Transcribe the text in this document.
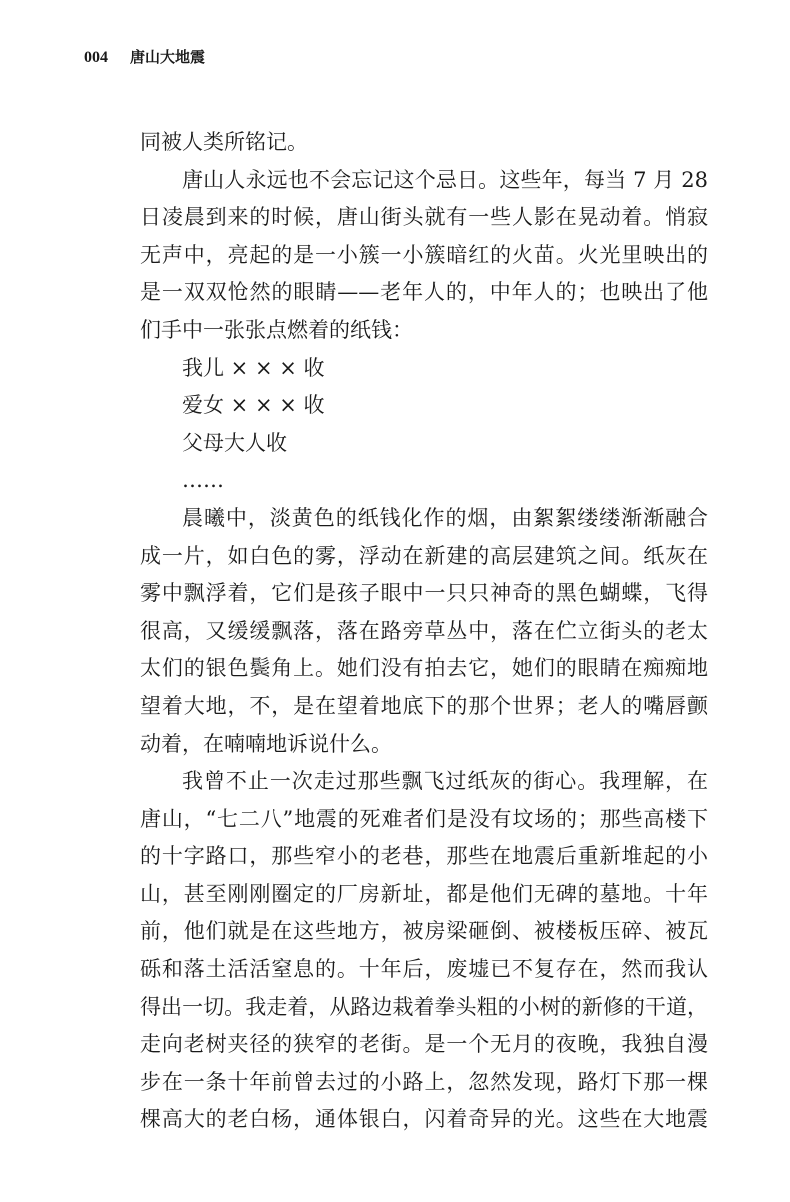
004 唐山大地震
同被人类所铭记。
唐山人永远也不会忘记这个忌日。这些年，每当 7 月 28
日凌晨到来的时候，唐山街头就有一些人影在晃动着。悄寂
无声中，亮起的是一小簇一小簇暗红的火苗。火光里映出的
是一双双怆然的眼睛——老年人的，中年人的；也映出了他
们手中一张张点燃着的纸钱：
我儿 × × × 收
爱女 × × × 收
父母大人收
……
晨曦中，淡黄色的纸钱化作的烟，由絮絮缕缕渐渐融合
成一片，如白色的雾，浮动在新建的高层建筑之间。纸灰在
雾中飘浮着，它们是孩子眼中一只只神奇的黑色蝴蝶，飞得
很高，又缓缓飘落，落在路旁草丛中，落在伫立街头的老太
太们的银色鬓角上。她们没有拍去它，她们的眼睛在痴痴地
望着大地，不，是在望着地底下的那个世界；老人的嘴唇颤
动着，在喃喃地诉说什么。
我曾不止一次走过那些飘飞过纸灰的街心。我理解，在
唐山，“七二八”地震的死难者们是没有坟场的；那些高楼下
的十字路口，那些窄小的老巷，那些在地震后重新堆起的小
山，甚至刚刚圈定的厂房新址，都是他们无碑的墓地。十年
前，他们就是在这些地方，被房梁砸倒、被楼板压碎、被瓦
砾和落土活活窒息的。十年后，废墟已不复存在，然而我认
得出一切。我走着，从路边栽着拳头粗的小树的新修的干道，
走向老树夹径的狭窄的老街。是一个无月的夜晚，我独自漫
步在一条十年前曾去过的小路上，忽然发现，路灯下那一棵
棵高大的老白杨，通体银白，闪着奇异的光。这些在大地震
